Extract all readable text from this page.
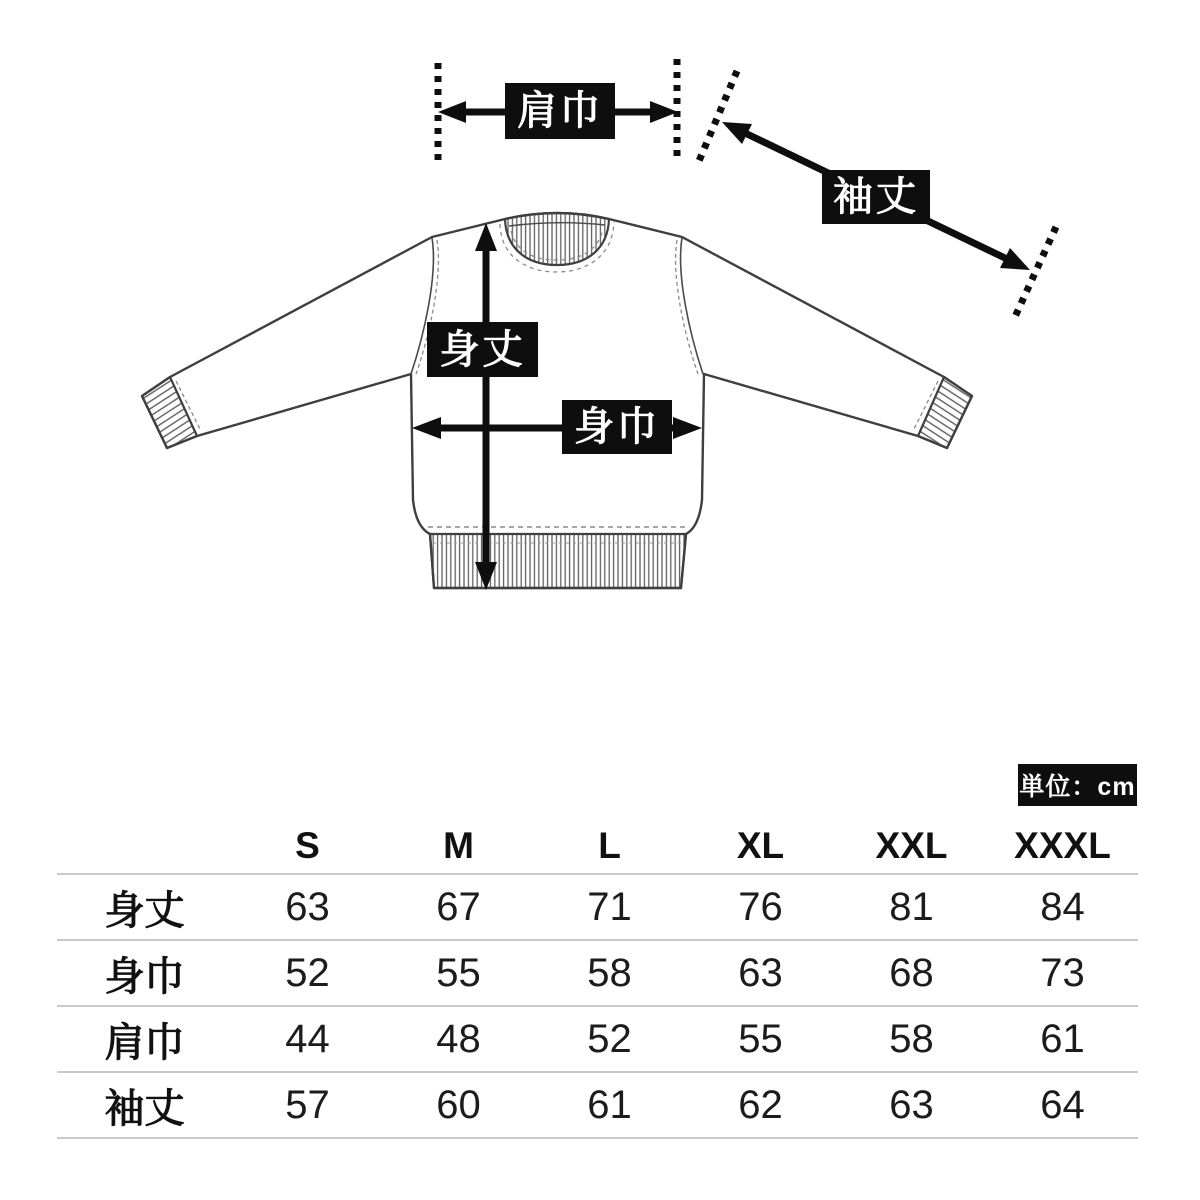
肩巾
袖丈
身丈
身巾
単位：cm
	S	M	L	XL	XXL	XXXL
身丈	63	67	71	76	81	84
身巾	52	55	58	63	68	73
肩巾	44	48	52	55	58	61
袖丈	57	60	61	62	63	64
